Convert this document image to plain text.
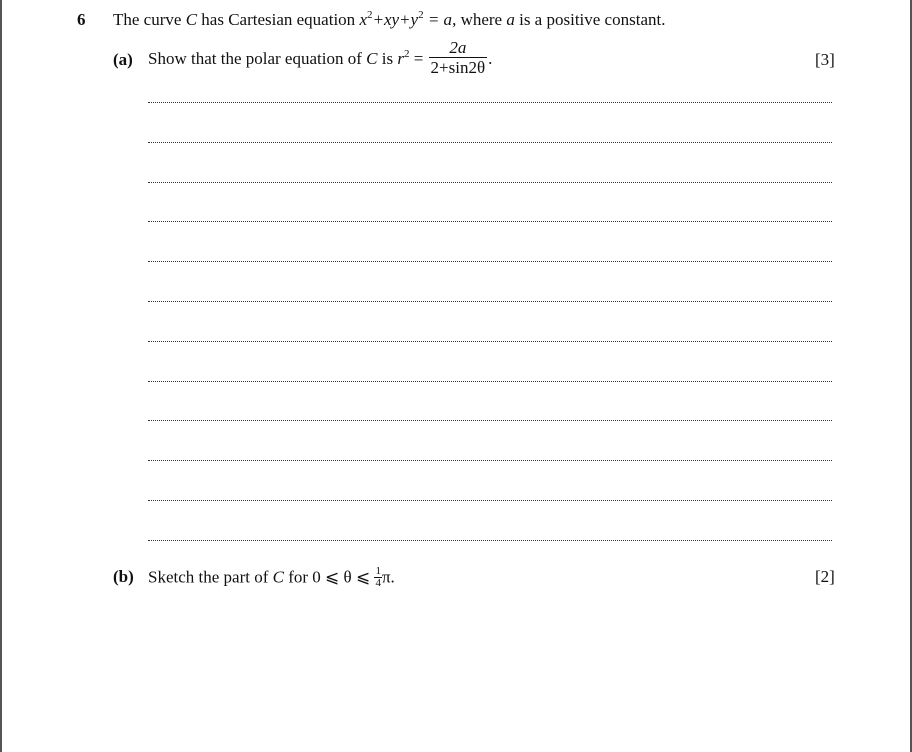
6 The curve C has Cartesian equation $x^2+xy+y^2 = a$, where a is a positive constant.
(a) Show that the polar equation of C is $r^2 = \frac{2a}{2+\sin 2\theta}$ .	[3]
(b) Sketch the part of C for 0 ⩽ θ ⩽ $\frac{1}{4} \pi$.	[2]
